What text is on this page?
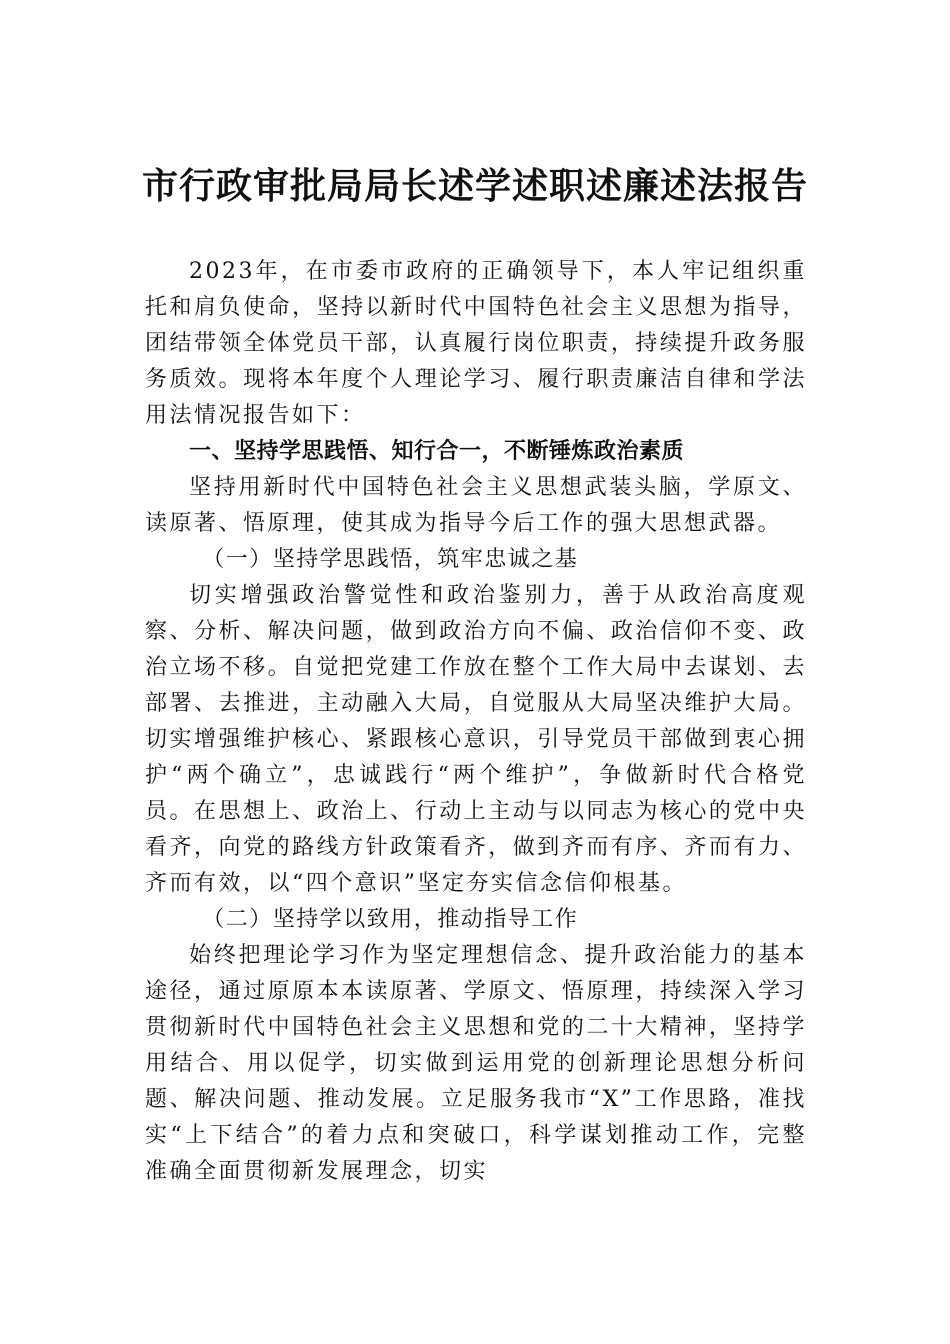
市行政审批局局长述学述职述廉述法报告

2023年，在市委市政府的正确领导下，本人牢记组织重托和肩负使命，坚持以新时代中国特色社会主义思想为指导，团结带领全体党员干部，认真履行岗位职责，持续提升政务服务质效。现将本年度个人理论学习、履行职责廉洁自律和学法用法情况报告如下：

一、坚持学思践悟、知行合一，不断锤炼政治素质

坚持用新时代中国特色社会主义思想武装头脑，学原文、读原著、悟原理，使其成为指导今后工作的强大思想武器。

（一）坚持学思践悟，筑牢忠诚之基

切实增强政治警觉性和政治鉴别力，善于从政治高度观察、分析、解决问题，做到政治方向不偏、政治信仰不变、政治立场不移。自觉把党建工作放在整个工作大局中去谋划、去部署、去推进，主动融入大局，自觉服从大局坚决维护大局。切实增强维护核心、紧跟核心意识，引导党员干部做到衷心拥护“两个确立”，忠诚践行“两个维护”，争做新时代合格党员。在思想上、政治上、行动上主动与以同志为核心的党中央看齐，向党的路线方针政策看齐，做到齐而有序、齐而有力、齐而有效，以“四个意识”坚定夯实信念信仰根基。

（二）坚持学以致用，推动指导工作

始终把理论学习作为坚定理想信念、提升政治能力的基本途径，通过原原本本读原著、学原文、悟原理，持续深入学习贯彻新时代中国特色社会主义思想和党的二十大精神，坚持学用结合、用以促学，切实做到运用党的创新理论思想分析问题、解决问题、推动发展。立足服务我市“X”工作思路，准找实“上下结合”的着力点和突破口，科学谋划推动工作，完整准确全面贯彻新发展理念，切实
